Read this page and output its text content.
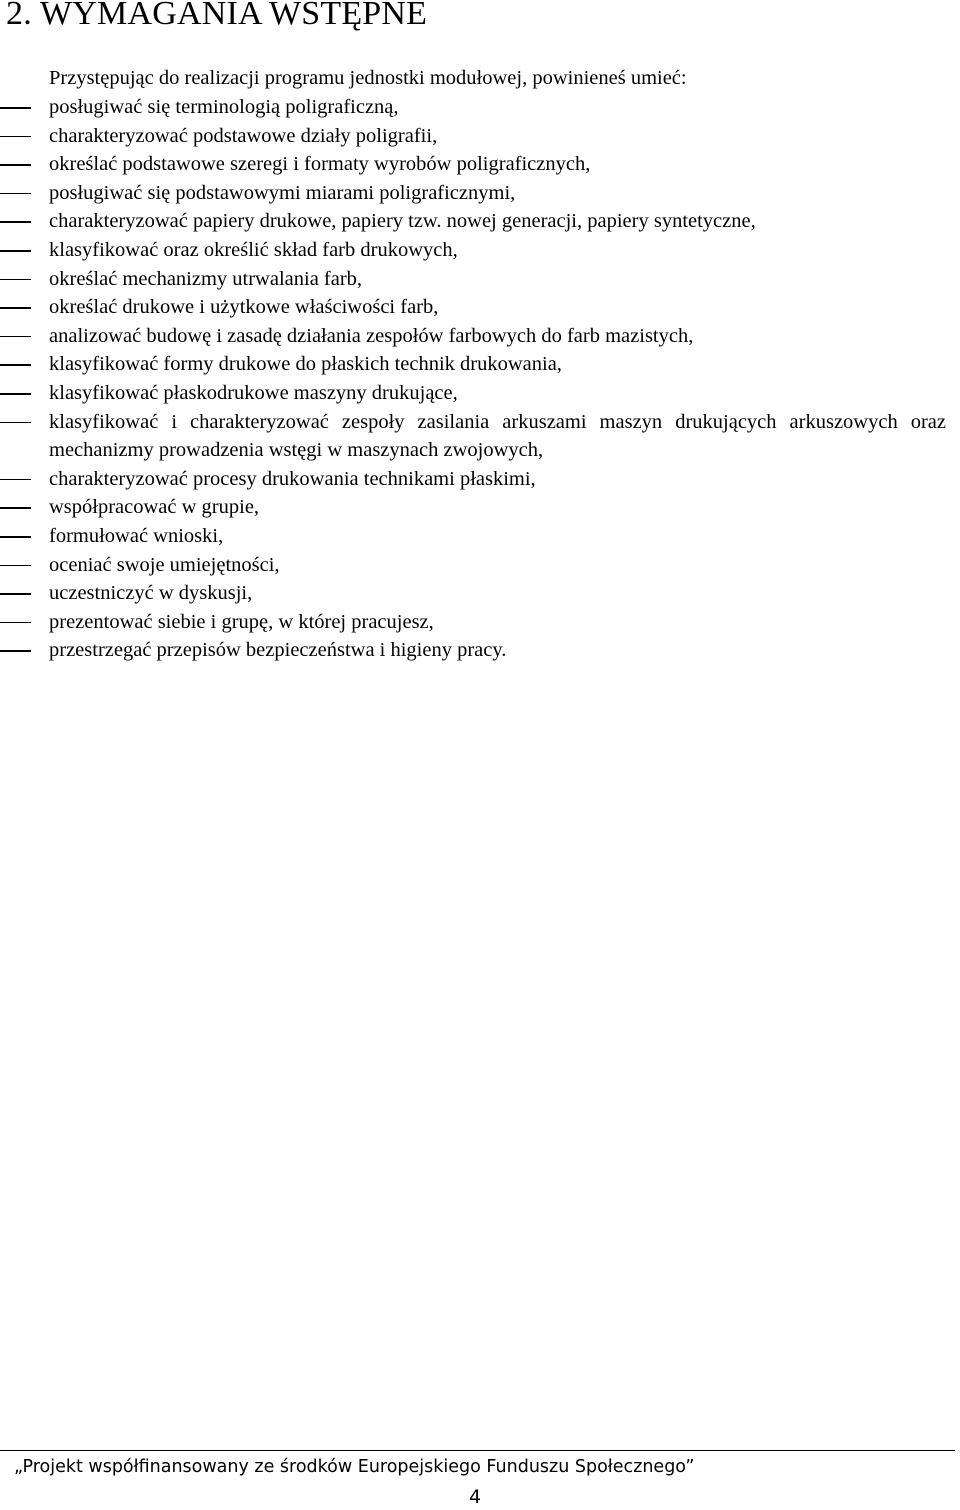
2. WYMAGANIA WSTĘPNE
Przystępując do realizacji programu jednostki modułowej, powinieneś umieć:
posługiwać się terminologią poligraficzną,
charakteryzować podstawowe działy poligrafii,
określać podstawowe szeregi i formaty wyrobów poligraficznych,
posługiwać się podstawowymi miarami poligraficznymi,
charakteryzować papiery drukowe, papiery tzw. nowej generacji, papiery syntetyczne,
klasyfikować oraz określić skład farb drukowych,
określać mechanizmy utrwalania farb,
określać drukowe i użytkowe właściwości farb,
analizować budowę i zasadę działania zespołów farbowych do farb mazistych,
klasyfikować formy drukowe do płaskich technik drukowania,
klasyfikować płaskodrukowe maszyny drukujące,
klasyfikować i charakteryzować zespoły zasilania arkuszami maszyn drukujących arkuszowych oraz mechanizmy prowadzenia wstęgi w maszynach zwojowych,
charakteryzować procesy drukowania technikami płaskimi,
współpracować w grupie,
formułować wnioski,
oceniać swoje umiejętności,
uczestniczyć w dyskusji,
prezentować siebie i grupę, w której pracujesz,
przestrzegać przepisów bezpieczeństwa i higieny pracy.
„Projekt współfinansowany ze środków Europejskiego Funduszu Społecznego”
4
